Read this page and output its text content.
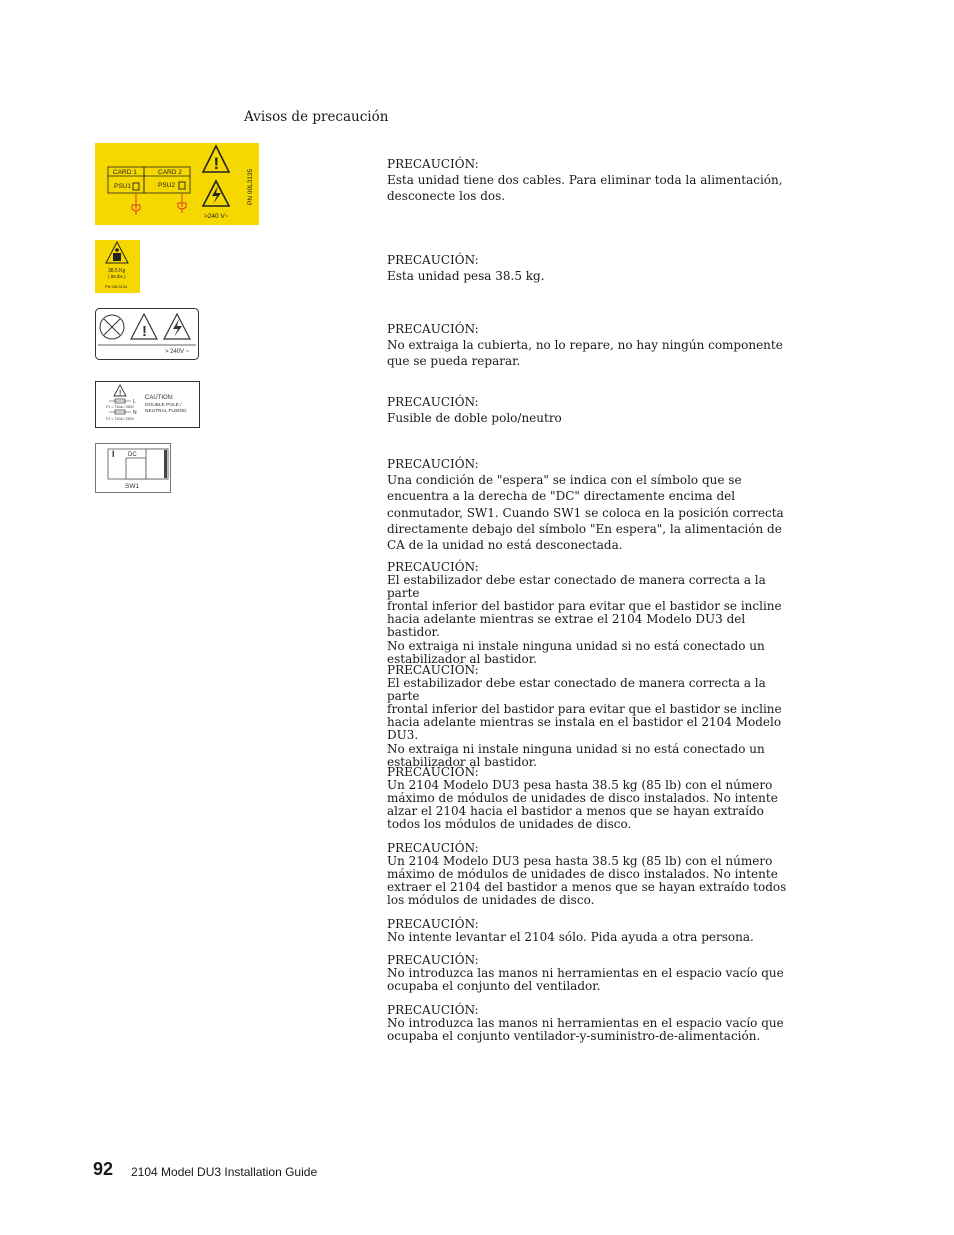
Avisos de precaución
CARD 1	CARD 2
PSU1	PSU2
!
>240 V~
PN 09L3135
38.5 Kg
( 85 lbs )
PN 09L3134
!
> 240V ~
!
L
N
F1 = T10A / 250V
F2 = T10A / 250V
CAUTION:
DOUBLE POLE /
NEUTRAL FUSING
I DC
SW1
PRECAUCIÓN:
Esta unidad tiene dos cables. Para eliminar toda la alimentación,
desconecte los dos.
PRECAUCIÓN:
Esta unidad pesa 38.5 kg.
PRECAUCIÓN:
No extraiga la cubierta, no lo repare, no hay ningún componente
que se pueda reparar.
PRECAUCIÓN:
Fusible de doble polo/neutro
PRECAUCIÓN:
Una condición de "espera" se indica con el símbolo que se
encuentra a la derecha de "DC" directamente encima del
conmutador, SW1. Cuando SW1 se coloca en la posición correcta
directamente debajo del símbolo "En espera", la alimentación de
CA de la unidad no está desconectada.
PRECAUCIÓN:
El estabilizador debe estar conectado de manera correcta a la parte
frontal inferior del bastidor para evitar que el bastidor se incline
hacia adelante mientras se extrae el 2104 Modelo DU3 del
bastidor.
No extraiga ni instale ninguna unidad si no está conectado un
estabilizador al bastidor.
PRECAUCIÓN:
El estabilizador debe estar conectado de manera correcta a la parte
frontal inferior del bastidor para evitar que el bastidor se incline
hacia adelante mientras se instala en el bastidor el 2104 Modelo
DU3.
No extraiga ni instale ninguna unidad si no está conectado un
estabilizador al bastidor.
PRECAUCIÓN:
Un 2104 Modelo DU3 pesa hasta 38.5 kg (85 lb) con el número
máximo de módulos de unidades de disco instalados. No intente
alzar el 2104 hacia el bastidor a menos que se hayan extraído
todos los módulos de unidades de disco.
PRECAUCIÓN:
Un 2104 Modelo DU3 pesa hasta 38.5 kg (85 lb) con el número
máximo de módulos de unidades de disco instalados. No intente
extraer el 2104 del bastidor a menos que se hayan extraído todos
los módulos de unidades de disco.
PRECAUCIÓN:
No intente levantar el 2104 sólo. Pida ayuda a otra persona.
PRECAUCIÓN:
No introduzca las manos ni herramientas en el espacio vacío que
ocupaba el conjunto del ventilador.
PRECAUCIÓN:
No introduzca las manos ni herramientas en el espacio vacío que
ocupaba el conjunto ventilador-y-suministro-de-alimentación.
92 2104 Model DU3 Installation Guide
